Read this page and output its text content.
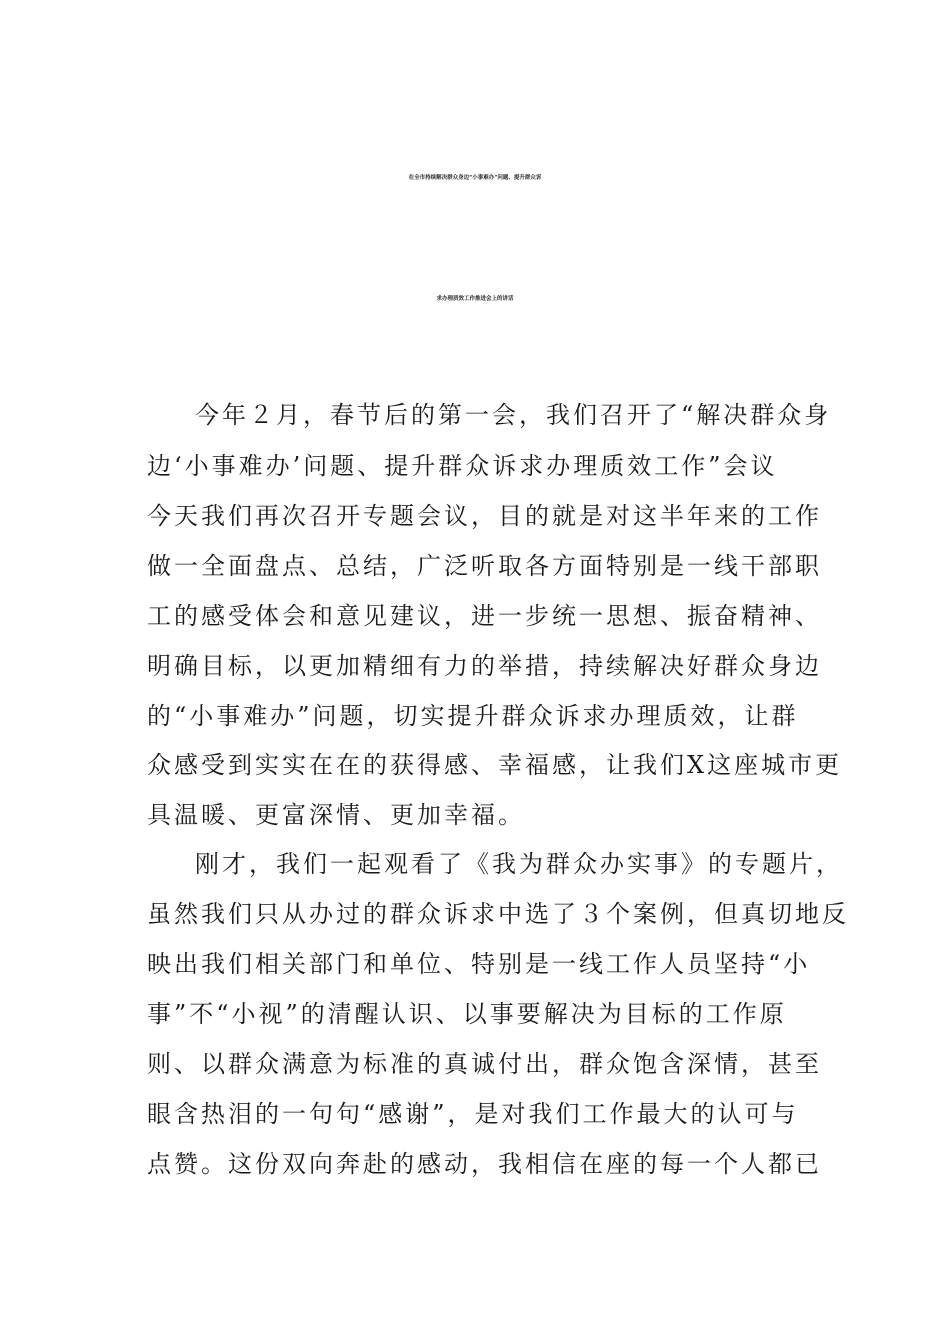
在全市持续解决群众身边“小事难办”问题、提升群众诉
求办理质效工作推进会上的讲话
今年２月，春节后的第一会，我们召开了“解决群众身
边‘小事难办’问题、提升群众诉求办理质效工作”会议
今天我们再次召开专题会议，目的就是对这半年来的工作
做一全面盘点、总结，广泛听取各方面特别是一线干部职
工的感受体会和意见建议，进一步统一思想、振奋精神、
明确目标，以更加精细有力的举措，持续解决好群众身边
的“小事难办”问题，切实提升群众诉求办理质效，让群
众感受到实实在在的获得感、幸福感，让我们X这座城市更
具温暖、更富深情、更加幸福。
刚才，我们一起观看了《我为群众办实事》的专题片，
虽然我们只从办过的群众诉求中选了３个案例，但真切地反
映出我们相关部门和单位、特别是一线工作人员坚持“小
事”不“小视”的清醒认识、以事要解决为目标的工作原
则、以群众满意为标准的真诚付出，群众饱含深情，甚至
眼含热泪的一句句“感谢”，是对我们工作最大的认可与
点赞。这份双向奔赴的感动，我相信在座的每一个人都已
